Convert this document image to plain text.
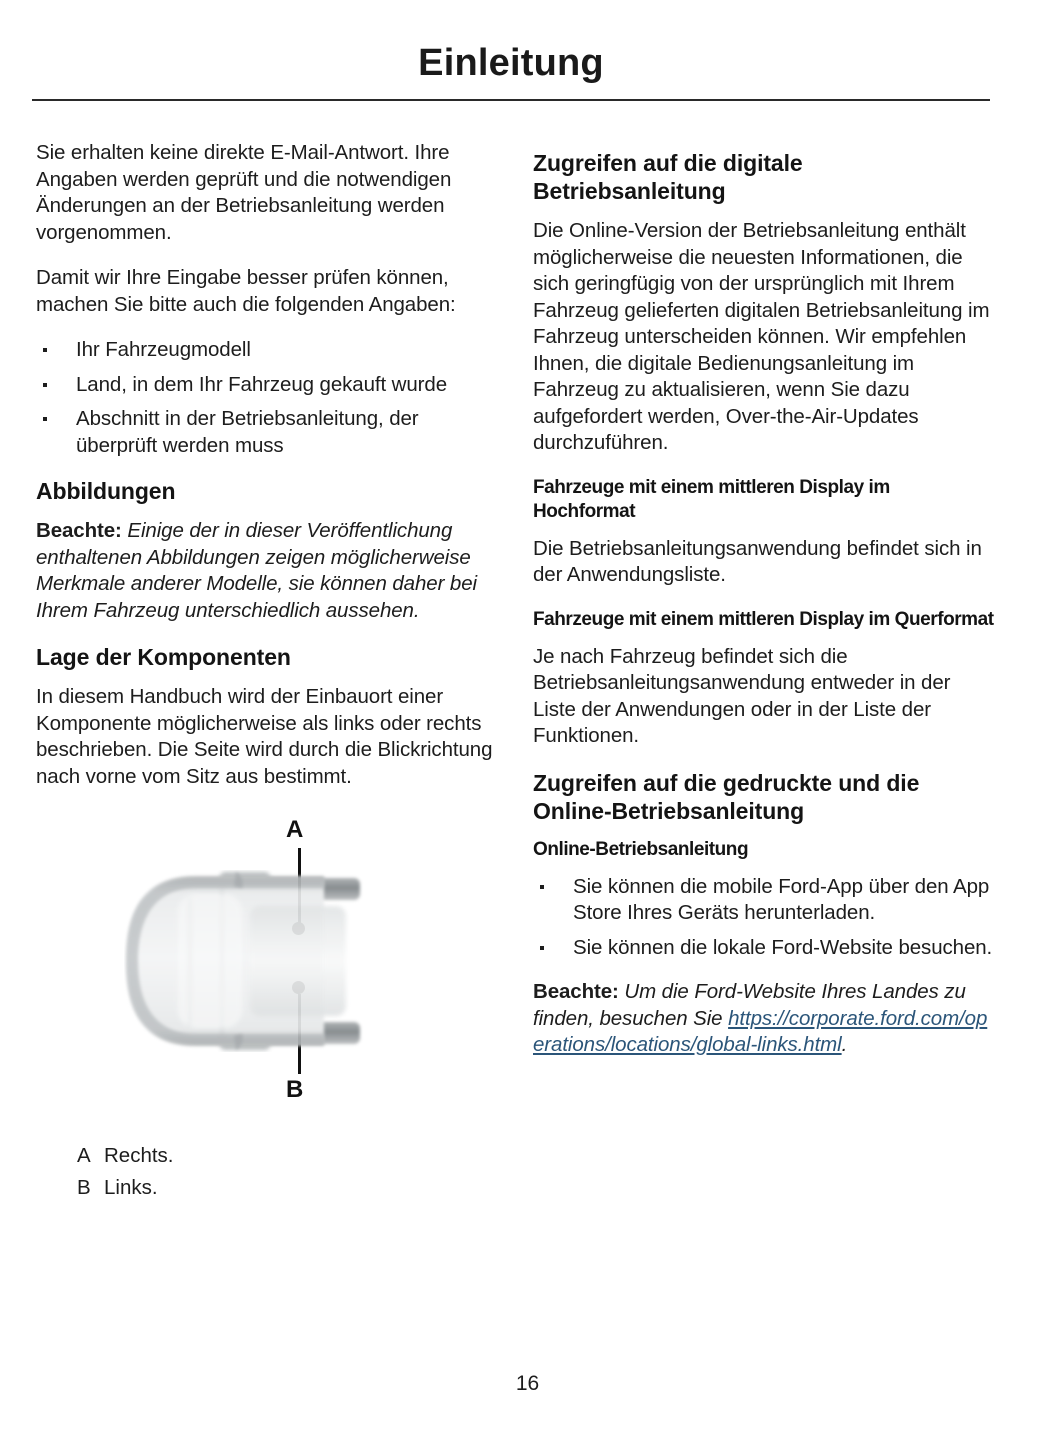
Einleitung

Sie erhalten keine direkte E-Mail-Antwort. Ihre Angaben werden geprüft und die notwendigen Änderungen an der Betriebsanleitung werden vorgenommen.

Damit wir Ihre Eingabe besser prüfen können, machen Sie bitte auch die folgenden Angaben:

Ihr Fahrzeugmodell
Land, in dem Ihr Fahrzeug gekauft wurde
Abschnitt in der Betriebsanleitung, der überprüft werden muss
Abbildungen

Beachte: Einige der in dieser Veröffentlichung enthaltenen Abbildungen zeigen möglicherweise Merkmale anderer Modelle, sie können daher bei Ihrem Fahrzeug unterschiedlich aussehen.

Lage der Komponenten

In diesem Handbuch wird der Einbauort einer Komponente möglicherweise als links oder rechts beschrieben. Die Seite wird durch die Blickrichtung nach vorne vom Sitz aus bestimmt.

A
B
A Rechts.
B Links.
Zugreifen auf die digitale Betriebsanleitung

Die Online-Version der Betriebsanleitung enthält möglicherweise die neuesten Informationen, die sich geringfügig von der ursprünglich mit Ihrem Fahrzeug gelieferten digitalen Betriebsanleitung im Fahrzeug unterscheiden können. Wir empfehlen Ihnen, die digitale Bedienungsanleitung im Fahrzeug zu aktualisieren, wenn Sie dazu aufgefordert werden, Over-the-Air-Updates durchzuführen.

Fahrzeuge mit einem mittleren Display im Hochformat

Die Betriebsanleitungsanwendung befindet sich in der Anwendungsliste.

Fahrzeuge mit einem mittleren Display im Querformat

Je nach Fahrzeug befindet sich die Betriebsanleitungsanwendung entweder in der Liste der Anwendungen oder in der Liste der Funktionen.

Zugreifen auf die gedruckte und die Online-Betriebsanleitung
Online-Betriebsanleitung
Sie können die mobile Ford-App über den App Store Ihres Geräts herunterladen.
Sie können die lokale Ford-Website besuchen.

Beachte: Um die Ford-Website Ihres Landes zu finden, besuchen Sie https://corporate.ford.com/operations/locations/global-links.html.

16
